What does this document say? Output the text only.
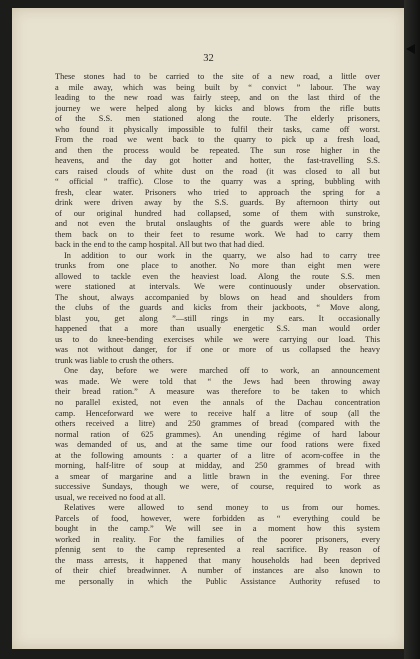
32
These stones had to be carried to the site of a new road, a little over
a mile away, which was being built by “ convict ” labour. The way
leading to the new road was fairly steep, and on the last third of the
journey we were helped along by kicks and blows from the rifle butts
of the S.S. men stationed along the route. The elderly prisoners,
who found it physically impossible to fulfil their tasks, came off worst.
From the road we went back to the quarry to pick up a fresh load,
and then the process would be repeated. The sun rose higher in the
heavens, and the day got hotter and hotter, the fast-travelling S.S.
cars raised clouds of white dust on the road (it was closed to all but
“ official ” traffic). Close to the quarry was a spring, bubbling with
fresh, clear water. Prisoners who tried to approach the spring for a
drink were driven away by the S.S. guards. By afternoon thirty out
of our original hundred had collapsed, some of them with sunstroke,
and not even the brutal onslaughts of the guards were able to bring
them back on to their feet to resume work. We had to carry them
back in the end to the camp hospital. All but two that had died.
In addition to our work in the quarry, we also had to carry tree
trunks from one place to another. No more than eight men were
allowed to tackle even the heaviest load. Along the route S.S. men
were stationed at intervals. We were continuously under observation.
The shout, always accompanied by blows on head and shoulders from
the clubs of the guards and kicks from their jackboots, “ Move along,
blast you, get along ”—still rings in my ears. It occasionally
happened that a more than usually energetic S.S. man would order
us to do knee-bending exercises while we were carrying our load. This
was not without danger, for if one or more of us collapsed the heavy
trunk was liable to crush the others.
One day, before we were marched off to work, an announcement
was made. We were told that “ the Jews had been throwing away
their bread ration.” A measure was therefore to be taken to which
no parallel existed, not even the annals of the Dachau concentration
camp. Henceforward we were to receive half a litre of soup (all the
others received a litre) and 250 grammes of bread (compared with the
normal ration of 625 grammes). An unending régime of hard labour
was demanded of us, and at the same time our food rations were fixed
at the following amounts : a quarter of a litre of acorn-coffee in the
morning, half-litre of soup at midday, and 250 grammes of bread with
a smear of margarine and a little brawn in the evening. For three
successive Sundays, though we were, of course, required to work as
usual, we received no food at all.
Relatives were allowed to send money to us from our homes.
Parcels of food, however, were forbidden as “ everything could be
bought in the camp.” We will see in a moment how this system
worked in reality. For the families of the poorer prisoners, every
pfennig sent to the camp represented a real sacrifice. By reason of
the mass arrests, it happened that many households had been deprived
of their chief breadwinner. A number of instances are also known to
me personally in which the Public Assistance Authority refused to
